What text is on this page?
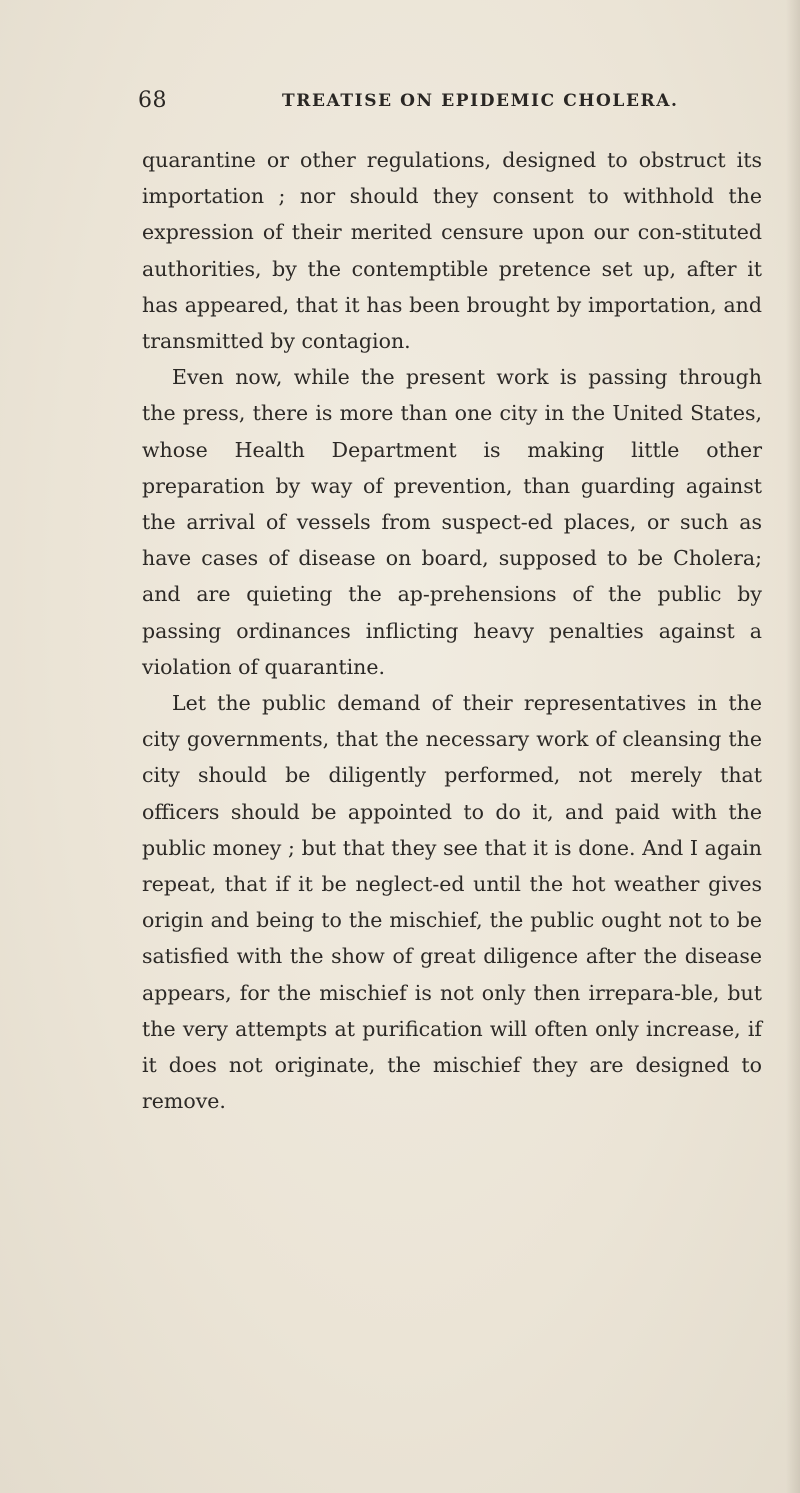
68	TREATISE ON EPIDEMIC CHOLERA.

quarantine or other regulations, designed to obstruct its importation ; nor should they consent to withhold the expression of their merited censure upon our con-stituted authorities, by the contemptible pretence set up, after it has appeared, that it has been brought by importation, and transmitted by contagion.

Even now, while the present work is passing through the press, there is more than one city in the United States, whose Health Department is making little other preparation by way of prevention, than guarding against the arrival of vessels from suspect-ed places, or such as have cases of disease on board, supposed to be Cholera; and are quieting the ap-prehensions of the public by passing ordinances inflicting heavy penalties against a violation of quarantine.

Let the public demand of their representatives in the city governments, that the necessary work of cleansing the city should be diligently performed, not merely that officers should be appointed to do it, and paid with the public money ; but that they see that it is done. And I again repeat, that if it be neglect-ed until the hot weather gives origin and being to the mischief, the public ought not to be satisfied with the show of great diligence after the disease appears, for the mischief is not only then irrepara-ble, but the very attempts at purification will often only increase, if it does not originate, the mischief they are designed to remove.
